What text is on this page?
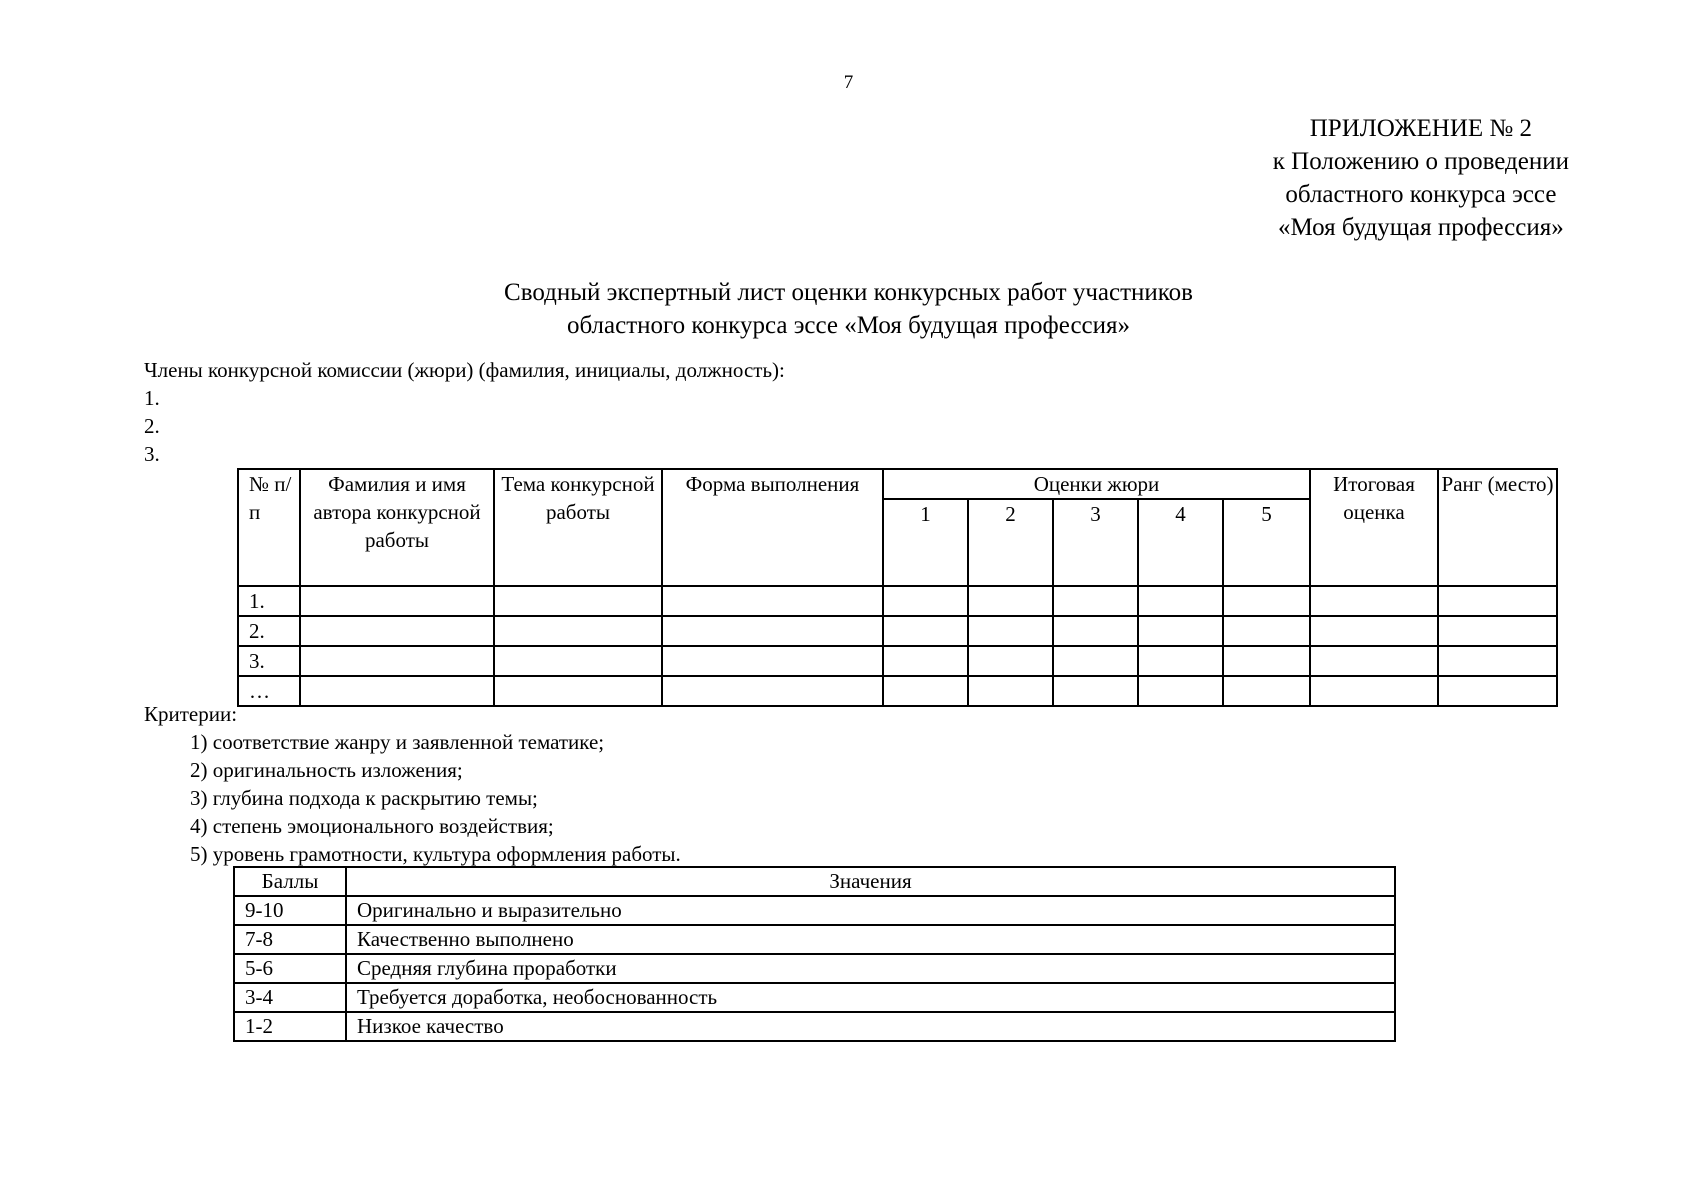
7
ПРИЛОЖЕНИЕ № 2
к Положению о проведении
областного конкурса эссе
«Моя будущая профессия»
Сводный экспертный лист оценки конкурсных работ участников
областного конкурса эссе «Моя будущая профессия»
Члены конкурсной комиссии (жюри) (фамилия, инициалы, должность):
1.
2.
3.
№ п/п	Фамилия и имя автора конкурсной работы	Тема конкурсной работы	Форма выполнения	Оценки жюри					Итоговая оценка	Ранг (место)
				1	2	3	4	5		
1.										
2.										
3.										
…										
Критерии:
1) соответствие жанру и заявленной тематике;
2) оригинальность изложения;
3) глубина подхода к раскрытию темы;
4) степень эмоционального воздействия;
5) уровень грамотности, культура оформления работы.
Баллы	Значения
9-10	Оригинально и выразительно
7-8	Качественно выполнено
5-6	Средняя глубина проработки
3-4	Требуется доработка, необоснованность
1-2	Низкое качество
